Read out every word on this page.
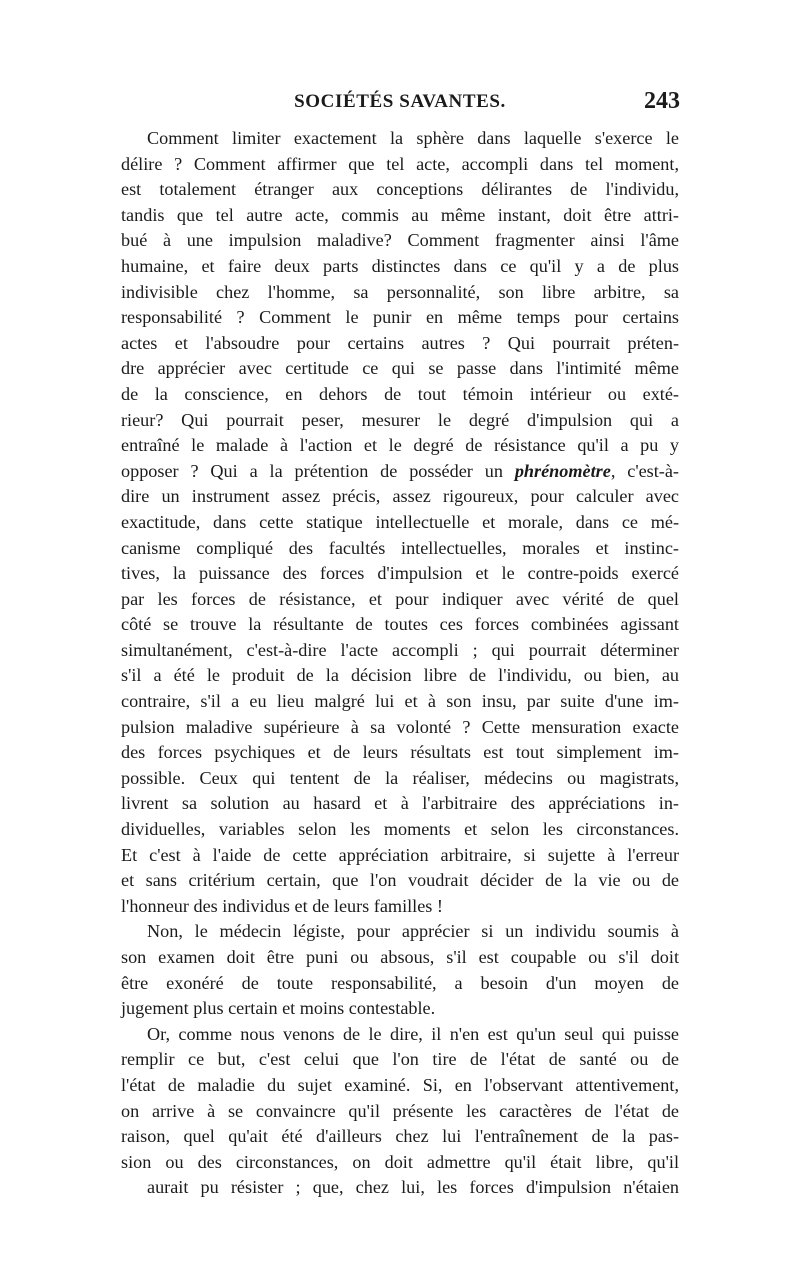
SOCIÉTÉS SAVANTES.	243
Comment limiter exactement la sphère dans laquelle s'exerce le
délire ? Comment affirmer que tel acte, accompli dans tel moment,
est totalement étranger aux conceptions délirantes de l'individu,
tandis que tel autre acte, commis au même instant, doit être attri-
bué à une impulsion maladive? Comment fragmenter ainsi l'âme
humaine, et faire deux parts distinctes dans ce qu'il y a de plus
indivisible chez l'homme, sa personnalité, son libre arbitre, sa
responsabilité ? Comment le punir en même temps pour certains
actes et l'absoudre pour certains autres ? Qui pourrait préten-
dre apprécier avec certitude ce qui se passe dans l'intimité même
de la conscience, en dehors de tout témoin intérieur ou exté-
rieur? Qui pourrait peser, mesurer le degré d'impulsion qui a
entraîné le malade à l'action et le degré de résistance qu'il a pu y
opposer ? Qui a la prétention de posséder un phrénomètre, c'est-à-
dire un instrument assez précis, assez rigoureux, pour calculer avec
exactitude, dans cette statique intellectuelle et morale, dans ce mé-
canisme compliqué des facultés intellectuelles, morales et instinc-
tives, la puissance des forces d'impulsion et le contre-poids exercé
par les forces de résistance, et pour indiquer avec vérité de quel
côté se trouve la résultante de toutes ces forces combinées agissant
simultanément, c'est-à-dire l'acte accompli ; qui pourrait déterminer
s'il a été le produit de la décision libre de l'individu, ou bien, au
contraire, s'il a eu lieu malgré lui et à son insu, par suite d'une im-
pulsion maladive supérieure à sa volonté ? Cette mensuration exacte
des forces psychiques et de leurs résultats est tout simplement im-
possible. Ceux qui tentent de la réaliser, médecins ou magistrats,
livrent sa solution au hasard et à l'arbitraire des appréciations in-
dividuelles, variables selon les moments et selon les circonstances.
Et c'est à l'aide de cette appréciation arbitraire, si sujette à l'erreur
et sans critérium certain, que l'on voudrait décider de la vie ou de
l'honneur des individus et de leurs familles !
Non, le médecin légiste, pour apprécier si un individu soumis à
son examen doit être puni ou absous, s'il est coupable ou s'il doit
être exonéré de toute responsabilité, a besoin d'un moyen de
jugement plus certain et moins contestable.
Or, comme nous venons de le dire, il n'en est qu'un seul qui puisse
remplir ce but, c'est celui que l'on tire de l'état de santé ou de
l'état de maladie du sujet examiné. Si, en l'observant attentivement,
on arrive à se convaincre qu'il présente les caractères de l'état de
raison, quel qu'ait été d'ailleurs chez lui l'entraînement de la pas-
sion ou des circonstances, on doit admettre qu'il était libre, qu'il
aurait pu résister ; que, chez lui, les forces d'impulsion n'étaien
